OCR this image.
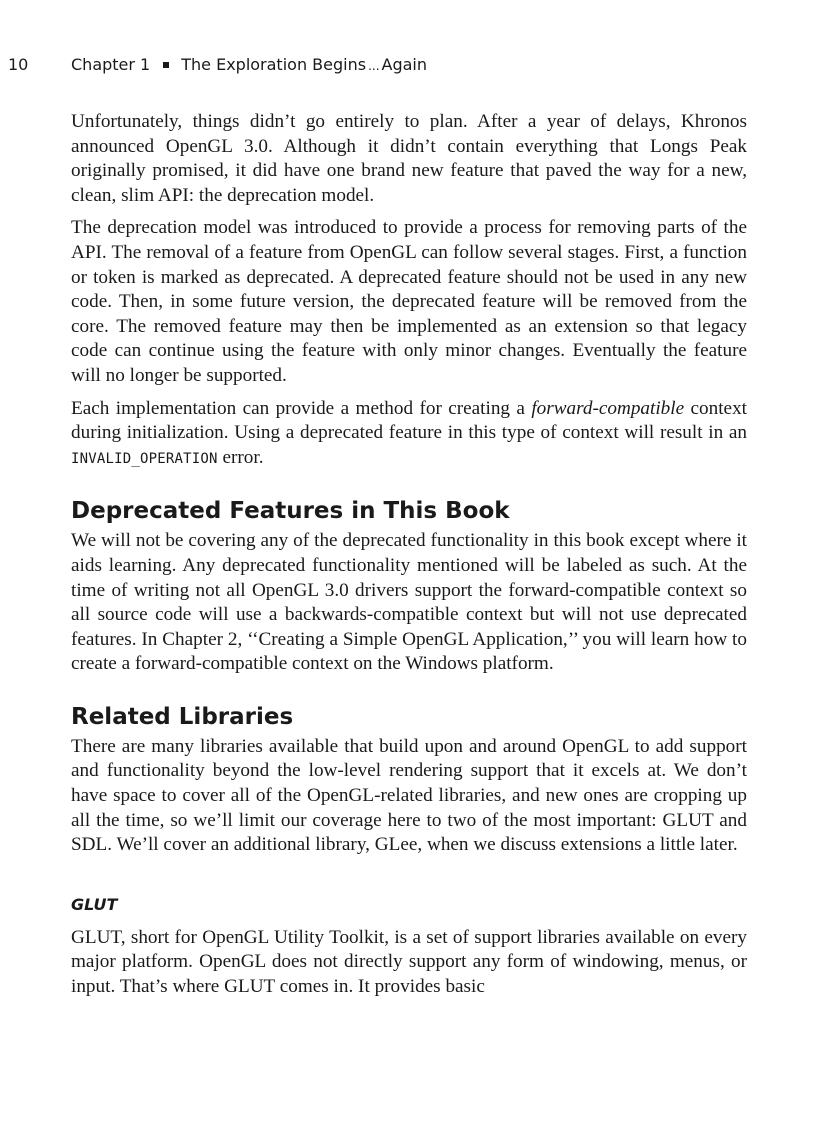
10	Chapter 1 The Exploration Begins ... Again

Unfortunately, things didn’t go entirely to plan. After a year of delays, Khronos announced OpenGL 3.0. Although it didn’t contain everything that Longs Peak originally promised, it did have one brand new feature that paved the way for a new, clean, slim API: the deprecation model.

The deprecation model was introduced to provide a process for removing parts of the API. The removal of a feature from OpenGL can follow several stages. First, a function or token is marked as deprecated. A deprecated feature should not be used in any new code. Then, in some future version, the deprecated feature will be removed from the core. The removed feature may then be implemented as an extension so that legacy code can continue using the feature with only minor changes. Eventually the feature will no longer be supported.

Each implementation can provide a method for creating a forward-compatible context during initialization. Using a deprecated feature in this type of context will result in an INVALID_OPERATION error.

Deprecated Features in This Book

We will not be covering any of the deprecated functionality in this book except where it aids learning. Any deprecated functionality mentioned will be labeled as such. At the time of writing not all OpenGL 3.0 drivers support the forward-compatible context so all source code will use a backwards-compatible context but will not use deprecated features. In Chapter 2, ‘‘Creating a Simple OpenGL Application,’’ you will learn how to create a forward-compatible context on the Windows platform.

Related Libraries

There are many libraries available that build upon and around OpenGL to add support and functionality beyond the low-level rendering support that it excels at. We don’t have space to cover all of the OpenGL-related libraries, and new ones are cropping up all the time, so we’ll limit our coverage here to two of the most important: GLUT and SDL. We’ll cover an additional library, GLee, when we discuss extensions a little later.

GLUT

GLUT, short for OpenGL Utility Toolkit, is a set of support libraries available on every major platform. OpenGL does not directly support any form of windowing, menus, or input. That’s where GLUT comes in. It provides basic
